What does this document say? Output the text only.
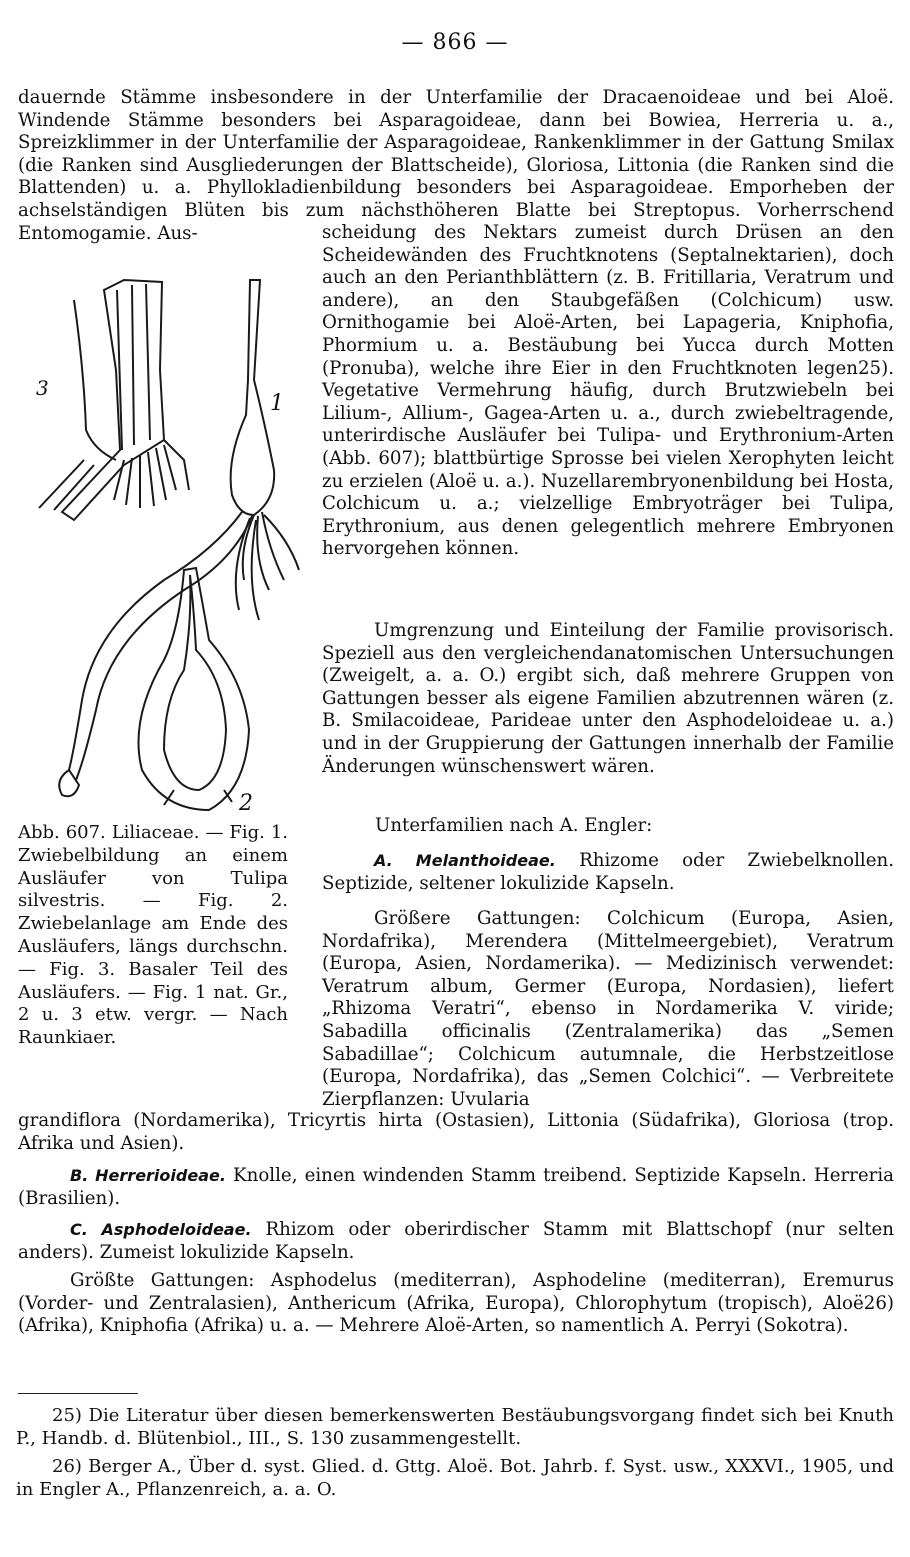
— 866 —
dauernde Stämme insbesondere in der Unterfamilie der Dracaenoideae und bei Aloë. Windende Stämme besonders bei Asparagoideae, dann bei Bowiea, Herreria u. a., Spreizklimmer in der Unterfamilie der Asparagoideae, Rankenklimmer in der Gattung Smilax (die Ranken sind Ausgliederungen der Blattscheide), Gloriosa, Littonia (die Ranken sind die Blattenden) u. a. Phyllokladienbildung besonders bei Asparagoideae. Emporheben der achselständigen Blüten bis zum nächsthöheren Blatte bei Streptopus. Vorherrschend Entomogamie. Aus-	scheidung des Nektars zumeist durch Drüsen an den Scheidewänden des Fruchtknotens (Septalnektarien), doch auch an den Perianthblättern (z. B. Fritillaria, Veratrum und andere), an den Staubgefäßen (Colchicum) usw. Ornithogamie bei Aloë-Arten, bei Lapageria, Kniphofia, Phormium u. a. Bestäubung bei Yucca durch Motten (Pronuba), welche ihre Eier in den Fruchtknoten legen25). Vegetative Vermehrung häufig, durch Brutzwiebeln bei Lilium-, Allium-, Gagea-Arten u. a., durch zwiebeltragende, unterirdische Ausläufer bei Tulipa- und Erythronium-Arten (Abb. 607); blattbürtige Sprosse bei vielen Xerophyten leicht zu erzielen (Aloë u. a.). Nuzellarembryonenbildung bei Hosta, Colchicum u. a.; vielzellige Embryoträger bei Tulipa, Erythronium, aus denen gelegentlich mehrere Embryonen hervorgehen können.
Umgrenzung und Einteilung der Familie provisorisch. Speziell aus den vergleichendanatomischen Untersuchungen (Zweigelt, a. a. O.) ergibt sich, daß mehrere Gruppen von Gattungen besser als eigene Familien abzutrennen wären (z. B. Smilacoideae, Parideae unter den Asphodeloideae u. a.) und in der Gruppierung der Gattungen innerhalb der Familie Änderungen wünschenswert wären.
Unterfamilien nach A. Engler:
A. Melanthoideae. Rhizome oder Zwiebelknollen. Septizide, seltener lokulizide Kapseln.
Größere Gattungen: Colchicum (Europa, Asien, Nordafrika), Merendera (Mittelmeergebiet), Veratrum (Europa, Asien, Nordamerika). — Medizinisch verwendet: Veratrum album, Germer (Europa, Nordasien), liefert „Rhizoma Veratri“, ebenso in Nordamerika V. viride; Sabadilla officinalis (Zentralamerika) das „Semen Sabadillae“; Colchicum autumnale, die Herbstzeitlose (Europa, Nordafrika), das „Semen Colchici“. — Verbreitete Zierpflanzen: Uvularia
grandiflora (Nordamerika), Tricyrtis hirta (Ostasien), Littonia (Südafrika), Gloriosa (trop. Afrika und Asien).
B. Herrerioideae. Knolle, einen windenden Stamm treibend. Septizide Kapseln. Herreria (Brasilien).
C. Asphodeloideae. Rhizom oder oberirdischer Stamm mit Blattschopf (nur selten anders). Zumeist lokulizide Kapseln.
Größte Gattungen: Asphodelus (mediterran), Asphodeline (mediterran), Eremurus (Vorder- und Zentralasien), Anthericum (Afrika, Europa), Chlorophytum (tropisch), Aloë26) (Afrika), Kniphofia (Afrika) u. a. — Mehrere Aloë-Arten, so namentlich A. Perryi (Sokotra).
3
1
2
Abb. 607. Liliaceae. — Fig. 1. Zwiebelbildung an einem Ausläufer von Tulipa silvestris. — Fig. 2. Zwiebelanlage am Ende des Ausläufers, längs durchschn. — Fig. 3. Basaler Teil des Ausläufers. — Fig. 1 nat. Gr., 2 u. 3 etw. vergr. — Nach Raunkiaer.
25) Die Literatur über diesen bemerkenswerten Bestäubungsvorgang findet sich bei Knuth P., Handb. d. Blütenbiol., III., S. 130 zusammengestellt.
26) Berger A., Über d. syst. Glied. d. Gttg. Aloë. Bot. Jahrb. f. Syst. usw., XXXVI., 1905, und in Engler A., Pflanzenreich, a. a. O.
